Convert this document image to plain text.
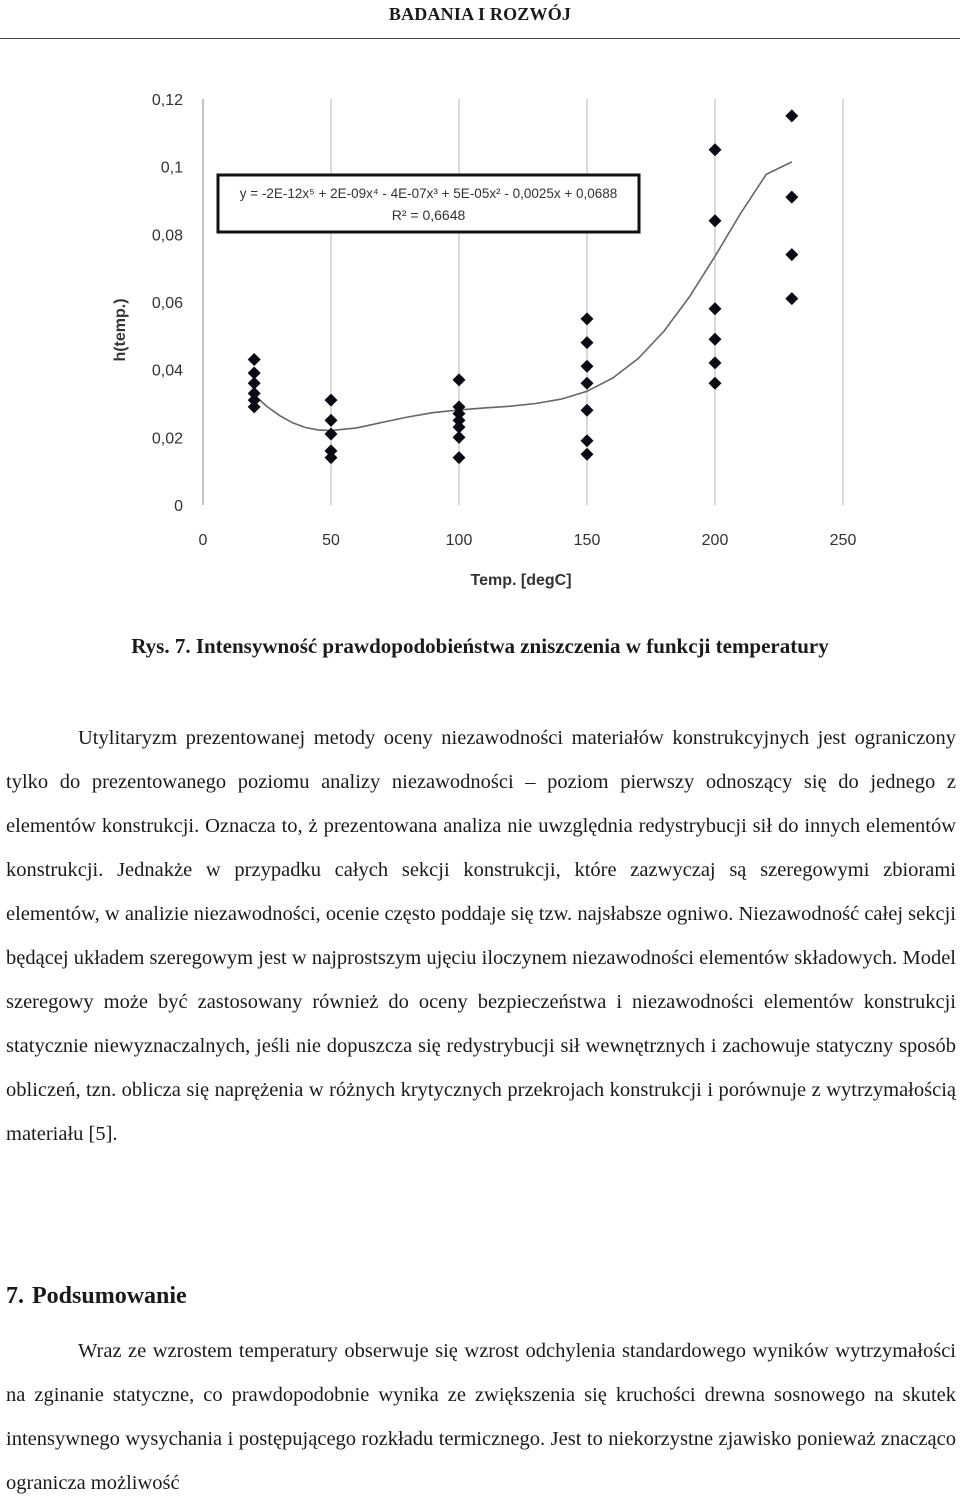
BADANIA I ROZWÓJ
0	50	100	150	200	250
0
0,02
0,04
0,06
0,08
0,1
0,12
y = -2E-12x⁵ + 2E-09x⁴ - 4E-07x³ + 5E-05x² - 0,0025x + 0,0688
R² = 0,6648
Temp. [degC]
h(temp.)
Rys. 7. Intensywność prawdopodobieństwa zniszczenia w funkcji temperatury

Utylitaryzm prezentowanej metody oceny niezawodności materiałów konstrukcyjnych jest ograniczony tylko do prezentowanego poziomu analizy niezawodności – poziom pierwszy odnoszący się do jednego z elementów konstrukcji. Oznacza to, ż prezentowana analiza nie uwzględnia redystrybucji sił do innych elementów konstrukcji. Jednakże w przypadku całych sekcji konstrukcji, które zazwyczaj są szeregowymi zbiorami elementów, w analizie niezawodności, ocenie często poddaje się tzw. najsłabsze ogniwo. Niezawodność całej sekcji będącej układem szeregowym jest w najprostszym ujęciu iloczynem niezawodności elementów składowych. Model szeregowy może być zastosowany również do oceny bezpieczeństwa i niezawodności elementów konstrukcji statycznie niewyznaczalnych, jeśli nie dopuszcza się redystrybucji sił wewnętrznych i zachowuje statyczny sposób obliczeń, tzn. oblicza się naprężenia w różnych krytycznych przekrojach konstrukcji i porównuje z wytrzymałością materiału [5].

7. Podsumowanie

Wraz ze wzrostem temperatury obserwuje się wzrost odchylenia standardowego wyników wytrzymałości na zginanie statyczne, co prawdopodobnie wynika ze zwiększenia się kruchości drewna sosnowego na skutek intensywnego wysychania i postępującego rozkładu termicznego. Jest to niekorzystne zjawisko ponieważ znacząco ogranicza możliwość
